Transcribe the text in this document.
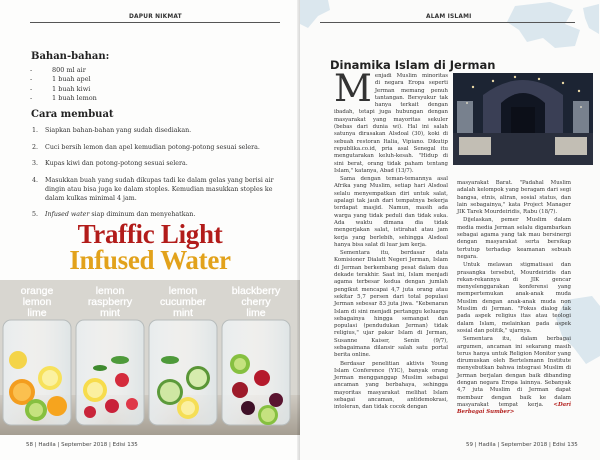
DAPUR NIKMAT
Bahan-bahan:
- 800 ml air
- 1 buah apel
- 1 buah kiwi
- 1 buah lemon
Cara membuat
1. Siapkan bahan-bahan yang sudah disediakan.
2. Cuci bersih lemon dan apel kemudian potong-potong sesuai selera.
3. Kupas kiwi dan potong-potong sesuai selera.
4. Masukkan buah yang sudah dikupas tadi ke dalam gelas yang berisi air dingin atau bisa juga ke dalam stoples. Kemudian masukkan stoples ke dalam kulkas minimal 4 jam.
5. Infused water siap diminum dan menyehatkan.
Traffic Light
Infused Water
orange
lemon
lime
lemon
raspberry
mint
lemon
cucumber
mint
blackberry
cherry
lime
58 | Hadila | September 2018 | Edisi 135
ALAM ISLAMI
Dinamika Islam di Jerman

Menjadi Muslim minoritas di negara Eropa seperti Jerman memang penuh tantangan. Bersyukur tak hanya terkait dengan ibadah, tetapi juga hubungan dengan masyarakat yang mayoritas sekuler (bebas dari dunia wi). Hal ini salah satunya dirasakan Alsdoal (30), koki di sebuah restoran Italia, Vipiano. Dikutip republika.co.id, pria asal Senegal itu mengutarakan keluh-kesah. "Hidup di sini berat, orang tidak paham tentang Islam," katanya, Abad (13/7).

Sama dengan teman-temannya asal Afrika yang Muslim, setiap hari Alsdoal selalu menyempatkan diri untuk salat, apalagi tak jauh dari tempatnya bekerja terdapat masjid. Namun, masih ada warga yang tidak peduli dan tidak suka. Ada waktu dimana dia tidak mengerjakan salat, istirahat atau jam kerja yang berlebih, sehingga Alsdoal hanya bisa salat di luar jam kerja.

Sementara itu, berdasar data Komisioner Dialatt Negeri Jerman, Islam di Jerman berkembang pesat dalam dua dekade terakhir. Saat ini, Islam menjadi agama terbesar kedua dengan jumlah pengikut mencapai 4,7 juta orang atau sekitar 5,7 persen dari total populasi Jerman sebesar 83 juta jiwa. "Kebenaran Islam di sini menjadi pertanggu keluarga sebagainya hingga semangat dan populasi (pendudukan Jerman) tidak religius," ujar pakar Islam di Jerman, Susanne Kaiser, Senin (9/7), sebagaimana dilansir salah satu portal berita online.

Berdasar penelitian aktivis Young Islam Conference (YIC), banyak orang Jerman mengganggap Muslim sebagai ancaman yang berbahaya, sehingga mayoritas masyarakat melihat Islam sebagai ancaman, antidemokrasi, intoleran, dan tidak cocok dengan

masyarakat Barat. "Padahal Muslim adalah kelompok yang beragam dari segi bangsa, etnis, aliran, sosial status, dan lain sebagainya," kata Project Manager JIK Tarek Mourdeiridis, Rabu (18/7).

Dijelaskan, pemer Muslim dalam media media Jerman selalu digambarkan sebagai agama yang tak mau bersinergi dengan masyarakat serta bersikap tertutup terhadap keamanan sebuah negara.

Untuk melawan stigmatisasi dan prasangka tersebut, Mourdeiridis dan rekan-rekannya di JIK gencar menyelenggarakan konferensi yang mempertemukan anak-anak muda Muslim dengan anak-anak muda non Muslim di Jerman. "Fokus dialog tak pada aspek religius itas atau teologi dalam Islam, melainkan pada aspek sosial dan politik," ujarnya.

Sementara itu, dalam berbagai argumen, ancaman ini sekarang masih terus hanya untuk Religion Monitor yang dirumuskan oleh Bertelsmann Institute menyebutkan bahwa integrasi Muslim di Jerman berjalan dengan baik dibanding dengan negara Eropa lainnya. Sebanyak 4,7 juta Muslim di Jerman dapat membaur dengan baik ke dalam masyarakat tempat kerja. <Dari Berbagai Sumber>

59 | Hadila | September 2018 | Edisi 135
